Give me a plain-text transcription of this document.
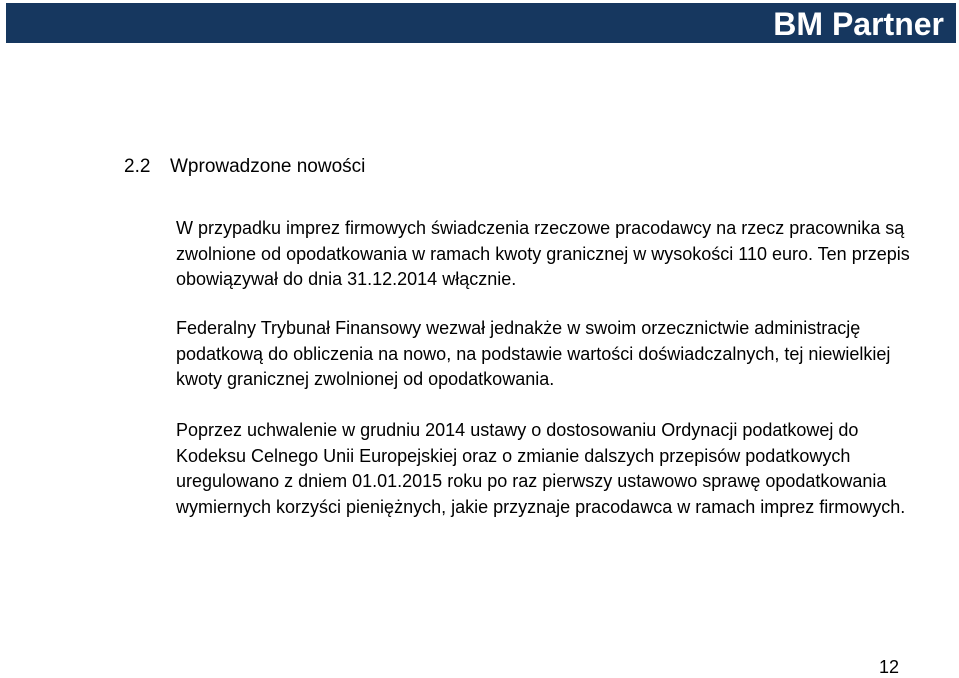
BM Partner
2.2 Wprowadzone nowości

W przypadku imprez firmowych świadczenia rzeczowe pracodawcy na rzecz pracownika są zwolnione od opodatkowania w ramach kwoty granicznej w wysokości 110 euro. Ten przepis obowiązywał do dnia 31.12.2014 włącznie.

Federalny Trybunał Finansowy wezwał jednakże w swoim orzecznictwie administrację podatkową do obliczenia na nowo, na podstawie wartości doświadczalnych, tej niewielkiej kwoty granicznej zwolnionej od opodatkowania.

Poprzez uchwalenie w grudniu 2014 ustawy o dostosowaniu Ordynacji podatkowej do Kodeksu Celnego Unii Europejskiej oraz o zmianie dalszych przepisów podatkowych uregulowano z dniem 01.01.2015 roku po raz pierwszy ustawowo sprawę opodatkowania wymiernych korzyści pieniężnych, jakie przyznaje pracodawca w ramach imprez firmowych.

12
